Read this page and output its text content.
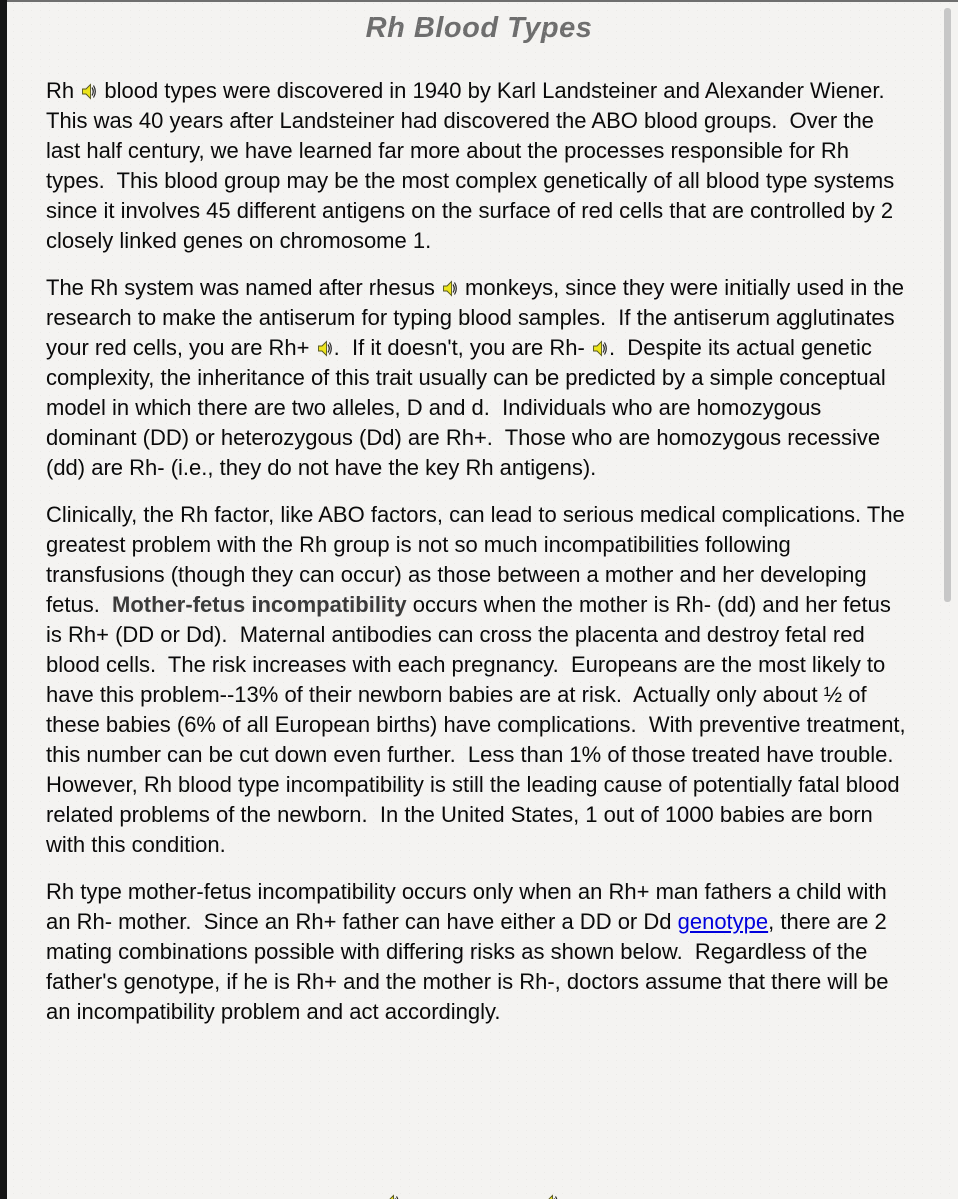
Rh Blood Types

Rh  blood types were discovered in 1940 by Karl Landsteiner and Alexander Wiener.  This was 40 years after Landsteiner had discovered the ABO blood groups.  Over the last half century, we have learned far more about the processes responsible for Rh types.  This blood group may be the most complex genetically of all blood type systems since it involves 45 different antigens on the surface of red cells that are controlled by 2 closely linked genes on chromosome 1.

The Rh system was named after rhesus  monkeys, since they were initially used in the research to make the antiserum for typing blood samples.  If the antiserum agglutinates your red cells, you are Rh+ .  If it doesn't, you are Rh- .  Despite its actual genetic complexity, the inheritance of this trait usually can be predicted by a simple conceptual model in which there are two alleles, D and d.  Individuals who are homozygous dominant (DD) or heterozygous (Dd) are Rh+.  Those who are homozygous recessive (dd) are Rh- (i.e., they do not have the key Rh antigens).

Clinically, the Rh factor, like ABO factors, can lead to serious medical complications. The greatest problem with the Rh group is not so much incompatibilities following transfusions (though they can occur) as those between a mother and her developing fetus.  Mother-fetus incompatibility occurs when the mother is Rh- (dd) and her fetus is Rh+ (DD or Dd).  Maternal antibodies can cross the placenta and destroy fetal red blood cells.  The risk increases with each pregnancy.  Europeans are the most likely to have this problem--13% of their newborn babies are at risk.  Actually only about ½ of these babies (6% of all European births) have complications.  With preventive treatment, this number can be cut down even further.  Less than 1% of those treated have trouble.  However, Rh blood type incompatibility is still the leading cause of potentially fatal blood related problems of the newborn.  In the United States, 1 out of 1000 babies are born with this condition.

Rh type mother-fetus incompatibility occurs only when an Rh+ man fathers a child with an Rh- mother.  Since an Rh+ father can have either a DD or Dd genotype, there are 2 mating combinations possible with differing risks as shown below.  Regardless of the father's genotype, if he is Rh+ and the mother is Rh-, doctors assume that there will be an incompatibility problem and act accordingly.
